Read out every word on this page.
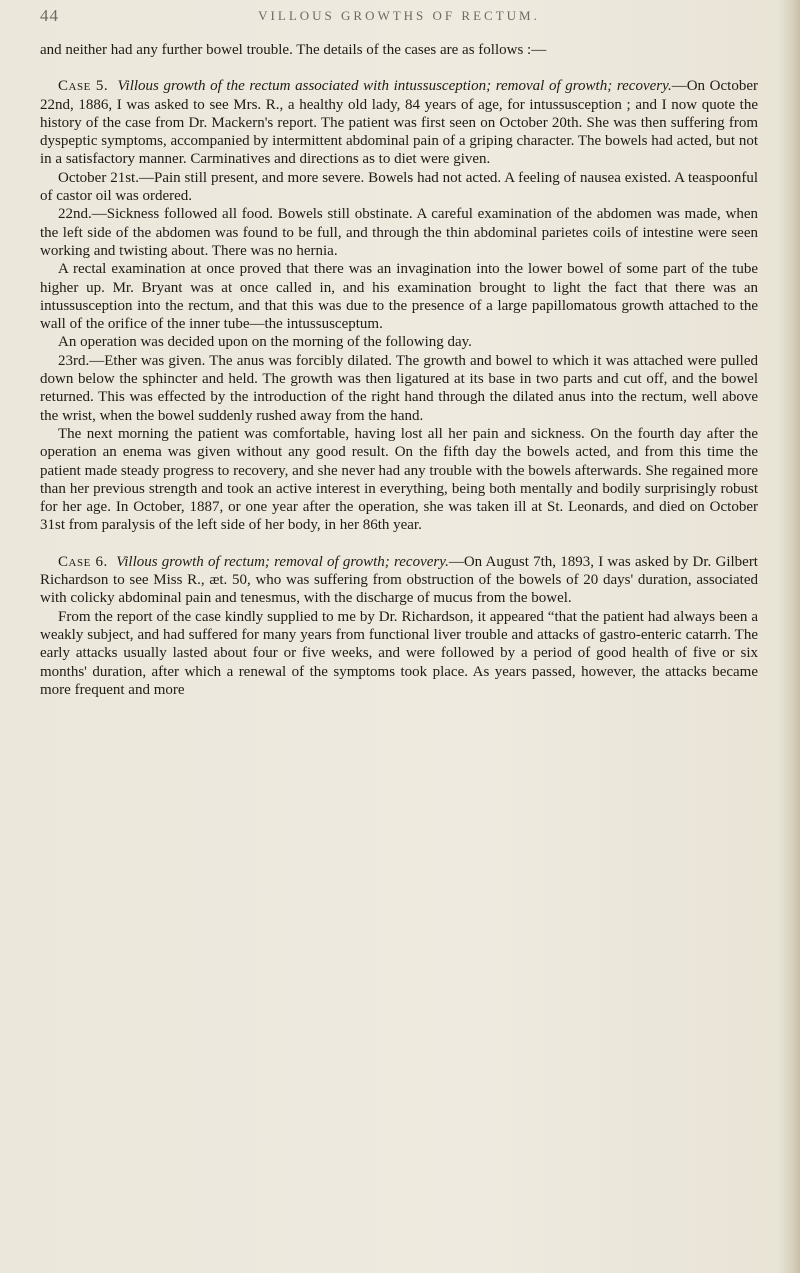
44	VILLOUS GROWTHS OF RECTUM.

and neither had any further bowel trouble. The details of the cases are as follows :—

Case 5. Villous growth of the rectum associated with intussusception; removal of growth; recovery.—On October 22nd, 1886, I was asked to see Mrs. R., a healthy old lady, 84 years of age, for intussusception ; and I now quote the history of the case from Dr. Mackern's report. The patient was first seen on October 20th. She was then suffering from dyspeptic symptoms, accompanied by intermittent abdominal pain of a griping character. The bowels had acted, but not in a satisfactory manner. Carminatives and directions as to diet were given.

October 21st.—Pain still present, and more severe. Bowels had not acted. A feeling of nausea existed. A teaspoonful of castor oil was ordered.

22nd.—Sickness followed all food. Bowels still obstinate. A careful examination of the abdomen was made, when the left side of the abdomen was found to be full, and through the thin abdominal parietes coils of intestine were seen working and twisting about. There was no hernia.

A rectal examination at once proved that there was an invagination into the lower bowel of some part of the tube higher up. Mr. Bryant was at once called in, and his examination brought to light the fact that there was an intussusception into the rectum, and that this was due to the presence of a large papillomatous growth attached to the wall of the orifice of the inner tube—the intussusceptum.

An operation was decided upon on the morning of the following day.

23rd.—Ether was given. The anus was forcibly dilated. The growth and bowel to which it was attached were pulled down below the sphincter and held. The growth was then ligatured at its base in two parts and cut off, and the bowel returned. This was effected by the introduction of the right hand through the dilated anus into the rectum, well above the wrist, when the bowel suddenly rushed away from the hand.

The next morning the patient was comfortable, having lost all her pain and sickness. On the fourth day after the operation an enema was given without any good result. On the fifth day the bowels acted, and from this time the patient made steady progress to recovery, and she never had any trouble with the bowels afterwards. She regained more than her previous strength and took an active interest in everything, being both mentally and bodily surprisingly robust for her age. In October, 1887, or one year after the operation, she was taken ill at St. Leonards, and died on October 31st from paralysis of the left side of her body, in her 86th year.

Case 6. Villous growth of rectum; removal of growth; recovery.—On August 7th, 1893, I was asked by Dr. Gilbert Richardson to see Miss R., æt. 50, who was suffering from obstruction of the bowels of 20 days' duration, associated with colicky abdominal pain and tenesmus, with the discharge of mucus from the bowel.

From the report of the case kindly supplied to me by Dr. Richardson, it appeared “that the patient had always been a weakly subject, and had suffered for many years from functional liver trouble and attacks of gastro-enteric catarrh. The early attacks usually lasted about four or five weeks, and were followed by a period of good health of five or six months' duration, after which a renewal of the symptoms took place. As years passed, however, the attacks became more frequent and more
